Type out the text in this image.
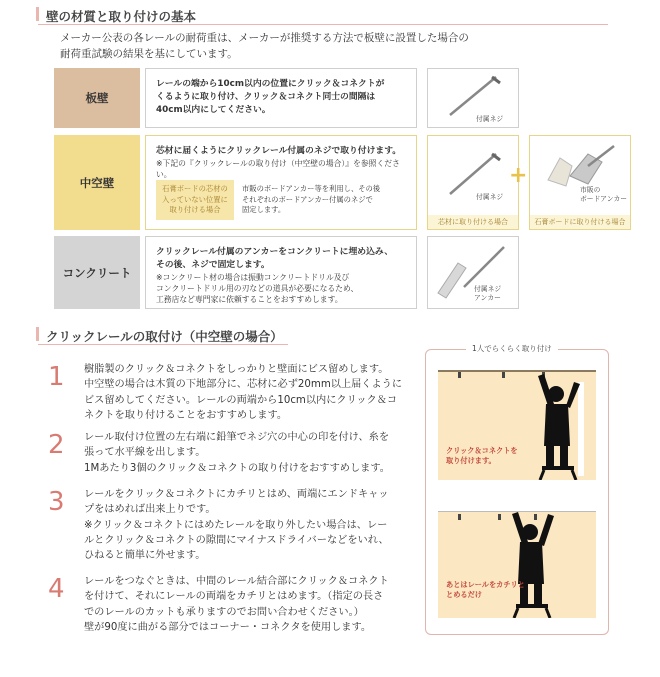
壁の材質と取り付けの基本
メーカー公表の各レールの耐荷重は、メーカーが推奨する方法で板壁に設置した場合の
耐荷重試験の結果を基にしています。
板壁
レールの端から10cm以内の位置にクリック＆コネクトが
くるように取り付け、クリック＆コネクト同士の間隔は
40cm以内にしてください。
付属ネジ
中空壁
芯材に届くようにクリックレール付属のネジで取り付けます。
※下記の『クリックレールの取り付け（中空壁の場合）』を参照ください。
石膏ボードの芯材の
入っていない位置に
取り付ける場合
市販のボードアンカー等を利用し、その後
それぞれのボードアンカー付属のネジで
固定します。
付属ネジ
芯材に取り付ける場合
+
市販の
ボードアンカー
石膏ボードに取り付ける場合
コンクリート
クリックレール付属のアンカーをコンクリートに埋め込み、
その後、ネジで固定します。
※コンクリート材の場合は振動コンクリートドリル及び
コンクリートドリル用の刃などの道具が必要になるため、
工務店など専門家に依頼することをおすすめします。
付属ネジ
アンカー
クリックレールの取付け（中空壁の場合）
1 樹脂製のクリック＆コネクトをしっかりと壁面にビス留めします。
中空壁の場合は木質の下地部分に、芯材に必ず20mm以上届くように
ビス留めしてください。レールの両端から10cm以内にクリック＆コ
ネクトを取り付けることをおすすめします。
2 レール取付け位置の左右端に鉛筆でネジ穴の中心の印を付け、糸を
張って水平線を出します。
1Mあたり3個のクリック＆コネクトの取り付けをおすすめします。
3 レールをクリック＆コネクトにカチリとはめ、両端にエンドキャッ
プをはめれば出来上りです。
※クリック＆コネクトにはめたレールを取り外したい場合は、レー
ルとクリック＆コネクトの隙間にマイナスドライバーなどをいれ、
ひねると簡単に外せます。
4 レールをつなぐときは、中間のレール結合部にクリック＆コネクト
を付けて、それにレールの両端をカチリとはめます。（指定の長さ
でのレールのカットも承りますのでお問い合わせください。）
壁が90度に曲がる部分ではコーナー・コネクタを使用します。
1人でらくらく取り付け
クリック＆コネクトを
取り付けます。
あとはレールをカチリと
とめるだけ
